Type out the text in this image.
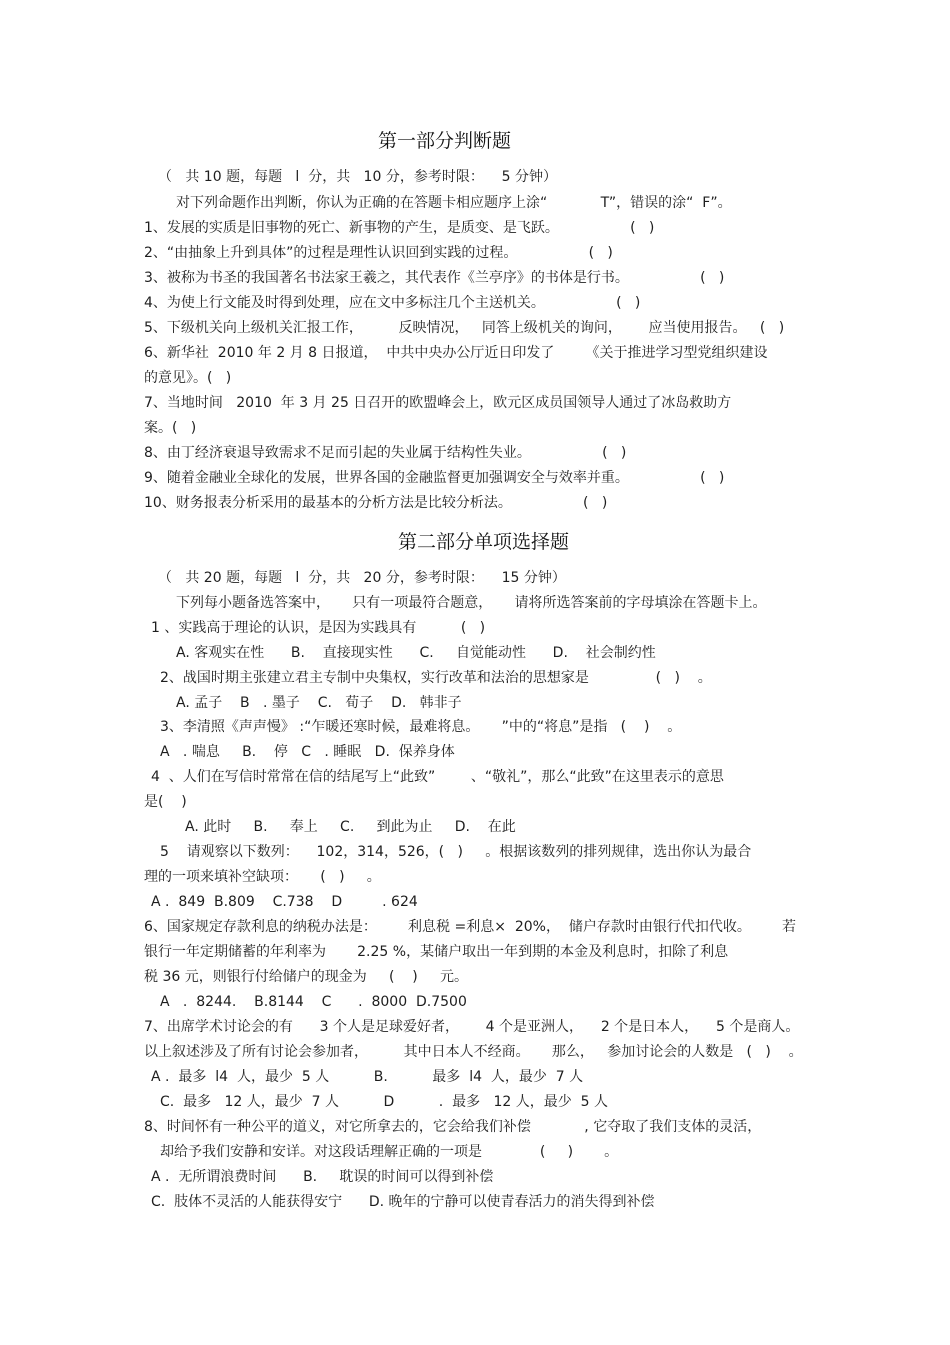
第一部分判断题
（   共 10 题，每题   l  分，共   10 分，参考时限：    5 分钟）
对下列命题作出判断，你认为正确的在答题卡相应题序上涂“            T”，错误的涂“  F”。
1、发展的实质是旧事物的死亡、新事物的产生，是质变、是飞跃。                (   )
2、“由抽象上升到具体”的过程是理性认识回到实践的过程。                (   )
3、被称为书圣的我国著名书法家王羲之，其代表作《兰亭序》的书体是行书。                (   )
4、为使上行文能及时得到处理，应在文中多标注几个主送机关。                (   )
5、下级机关向上级机关汇报工作，        反映情况，   同答上级机关的询问，      应当使用报告。   (   )
6、新华社  2010 年 2 月 8 日报道，  中共中央办公厅近日印发了       《关于推进学习型党组织建设
的意见》。(   )
7、当地时间   2010  年 3 月 25 日召开的欧盟峰会上，欧元区成员国领导人通过了冰岛救助方
案。(   )
8、由丁经济衰退导致需求不足而引起的失业属于结构性失业。                (   )
9、随着金融业全球化的发展，世界各国的金融监督更加强调安全与效率并重。                (   )
10、财务报表分析采用的最基本的分析方法是比较分析法。                (   )
第二部分单项选择题
（   共 20 题，每题   l  分，共   20 分，参考时限：    15 分钟）
下列每小题备选答案中，     只有一项最符合题意，     请将所选答案前的字母填涂在答题卡上。
1 、实践高于理论的认识，是因为实践具有          (   )
A. 客观实在性      B.    直接现实性      C.     自觉能动性      D.    社会制约性
2、战国时期主张建立君主专制中央集权，实行改革和法治的思想家是               (   )    。
A. 孟子    B   . 墨子    C.   荀子    D.   韩非子
3、李清照《声声慢》 :“乍暖还寒时候，最难将息。     ”中的“将息”是指   (    )    。
A   . 喘息     B.    停   C   . 睡眠   D.  保养身体
4  、人们在写信时常常在信的结尾写上“此致”        、“敬礼”，那么“此致”在这里表示的意思
是(    )
A. 此时     B.     奉上     C.     到此为止     D.    在此
5    请观察以下数列：    102，314，526，(   )     。根据该数列的排列规律，选出你认为最合
理的一项来填补空缺项：     (   )     。
A .  849  B.809    C.738    D         . 624
6、国家规定存款利息的纳税办法是：       利息税 =利息×  20%，  储户存款时由银行代扣代收。       若
银行一年定期储蓄的年利率为       2.25 %，某储户取出一年到期的本金及利息时，扣除了利息
税 36 元，则银行付给储户的现金为     (    )     元。
A   .  8244.    B.8144    C      .  8000  D.7500
7、出席学术讨论会的有      3 个人是足球爱好者，      4 个是亚洲人，    2 个是日本人，    5 个是商人。
以上叙述涉及了所有讨论会参加者，        其中日本人不经商。     那么，   参加讨论会的人数是   (   )    。
A .  最多  l4  人，最少  5 人          B.          最多  l4  人，最少  7 人
C.  最多   12 人，最少  7 人          D          .  最多   12 人，最少  5 人
8、时间怀有一种公平的道义，对它所拿去的，它会给我们补偿            , 它夺取了我们支体的灵活，
却给予我们安静和安详。对这段话理解正确的一项是             (     )       。
A .  无所谓浪费时间      B.     耽误的时间可以得到补偿
C.  肢体不灵活的人能获得安宁      D. 晚年的宁静可以使青春活力的消失得到补偿
